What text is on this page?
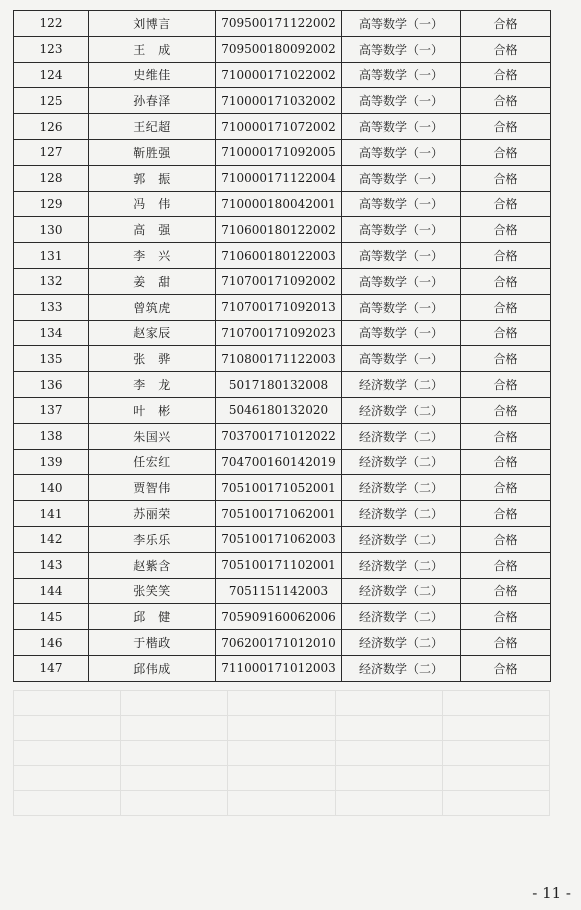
122	刘博言	709500171122002	高等数学（一）	合格
123	王　成	709500180092002	高等数学（一）	合格
124	史维佳	710000171022002	高等数学（一）	合格
125	孙春泽	710000171032002	高等数学（一）	合格
126	王纪超	710000171072002	高等数学（一）	合格
127	靳胜强	710000171092005	高等数学（一）	合格
128	郭　振	710000171122004	高等数学（一）	合格
129	冯　伟	710000180042001	高等数学（一）	合格
130	高　强	710600180122002	高等数学（一）	合格
131	李　兴	710600180122003	高等数学（一）	合格
132	姜　甜	710700171092002	高等数学（一）	合格
133	曾筑虎	710700171092013	高等数学（一）	合格
134	赵家辰	710700171092023	高等数学（一）	合格
135	张　骅	710800171122003	高等数学（一）	合格
136	李　龙	5017180132008	经济数学（二）	合格
137	叶　彬	5046180132020	经济数学（二）	合格
138	朱国兴	703700171012022	经济数学（二）	合格
139	任宏红	704700160142019	经济数学（二）	合格
140	贾智伟	705100171052001	经济数学（二）	合格
141	苏丽荣	705100171062001	经济数学（二）	合格
142	李乐乐	705100171062003	经济数学（二）	合格
143	赵紫含	705100171102001	经济数学（二）	合格
144	张笑笑	7051151142003	经济数学（二）	合格
145	邱　健	705909160062006	经济数学（二）	合格
146	于楷政	706200171012010	经济数学（二）	合格
147	邱伟成	711000171012003	经济数学（二）	合格

- 11 -
